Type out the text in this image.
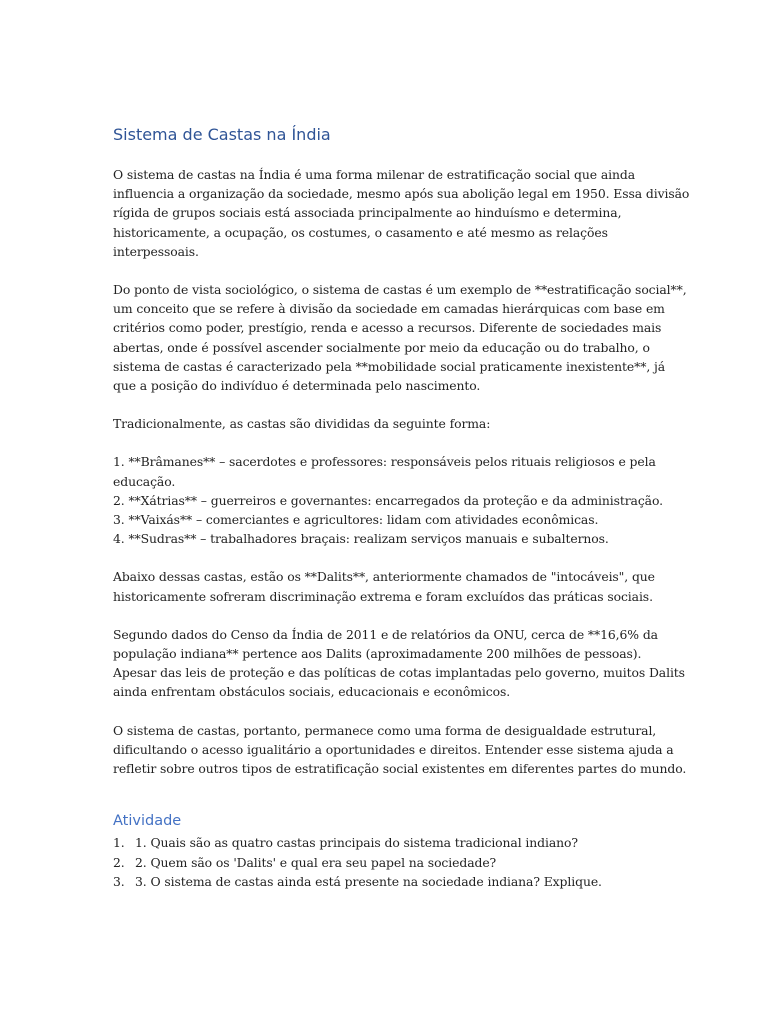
Sistema de Castas na Índia

O sistema de castas na Índia é uma forma milenar de estratificação social que ainda
influencia a organização da sociedade, mesmo após sua abolição legal em 1950. Essa divisão
rígida de grupos sociais está associada principalmente ao hinduísmo e determina,
historicamente, a ocupação, os costumes, o casamento e até mesmo as relações
interpessoais.

Do ponto de vista sociológico, o sistema de castas é um exemplo de **estratificação social**,
um conceito que se refere à divisão da sociedade em camadas hierárquicas com base em
critérios como poder, prestígio, renda e acesso a recursos. Diferente de sociedades mais
abertas, onde é possível ascender socialmente por meio da educação ou do trabalho, o
sistema de castas é caracterizado pela **mobilidade social praticamente inexistente**, já
que a posição do indivíduo é determinada pelo nascimento.

Tradicionalmente, as castas são divididas da seguinte forma:

1. **Brâmanes** – sacerdotes e professores: responsáveis pelos rituais religiosos e pela
educação.
2. **Xátrias** – guerreiros e governantes: encarregados da proteção e da administração.
3. **Vaixás** – comerciantes e agricultores: lidam com atividades econômicas.
4. **Sudras** – trabalhadores braçais: realizam serviços manuais e subalternos.

Abaixo dessas castas, estão os **Dalits**, anteriormente chamados de "intocáveis", que
historicamente sofreram discriminação extrema e foram excluídos das práticas sociais.

Segundo dados do Censo da Índia de 2011 e de relatórios da ONU, cerca de **16,6% da
população indiana** pertence aos Dalits (aproximadamente 200 milhões de pessoas).
Apesar das leis de proteção e das políticas de cotas implantadas pelo governo, muitos Dalits
ainda enfrentam obstáculos sociais, educacionais e econômicos.

O sistema de castas, portanto, permanece como uma forma de desigualdade estrutural,
dificultando o acesso igualitário a oportunidades e direitos. Entender esse sistema ajuda a
refletir sobre outros tipos de estratificação social existentes em diferentes partes do mundo.

Atividade
1. 1. Quais são as quatro castas principais do sistema tradicional indiano?
2. 2. Quem são os 'Dalits' e qual era seu papel na sociedade?
3. 3. O sistema de castas ainda está presente na sociedade indiana? Explique.
